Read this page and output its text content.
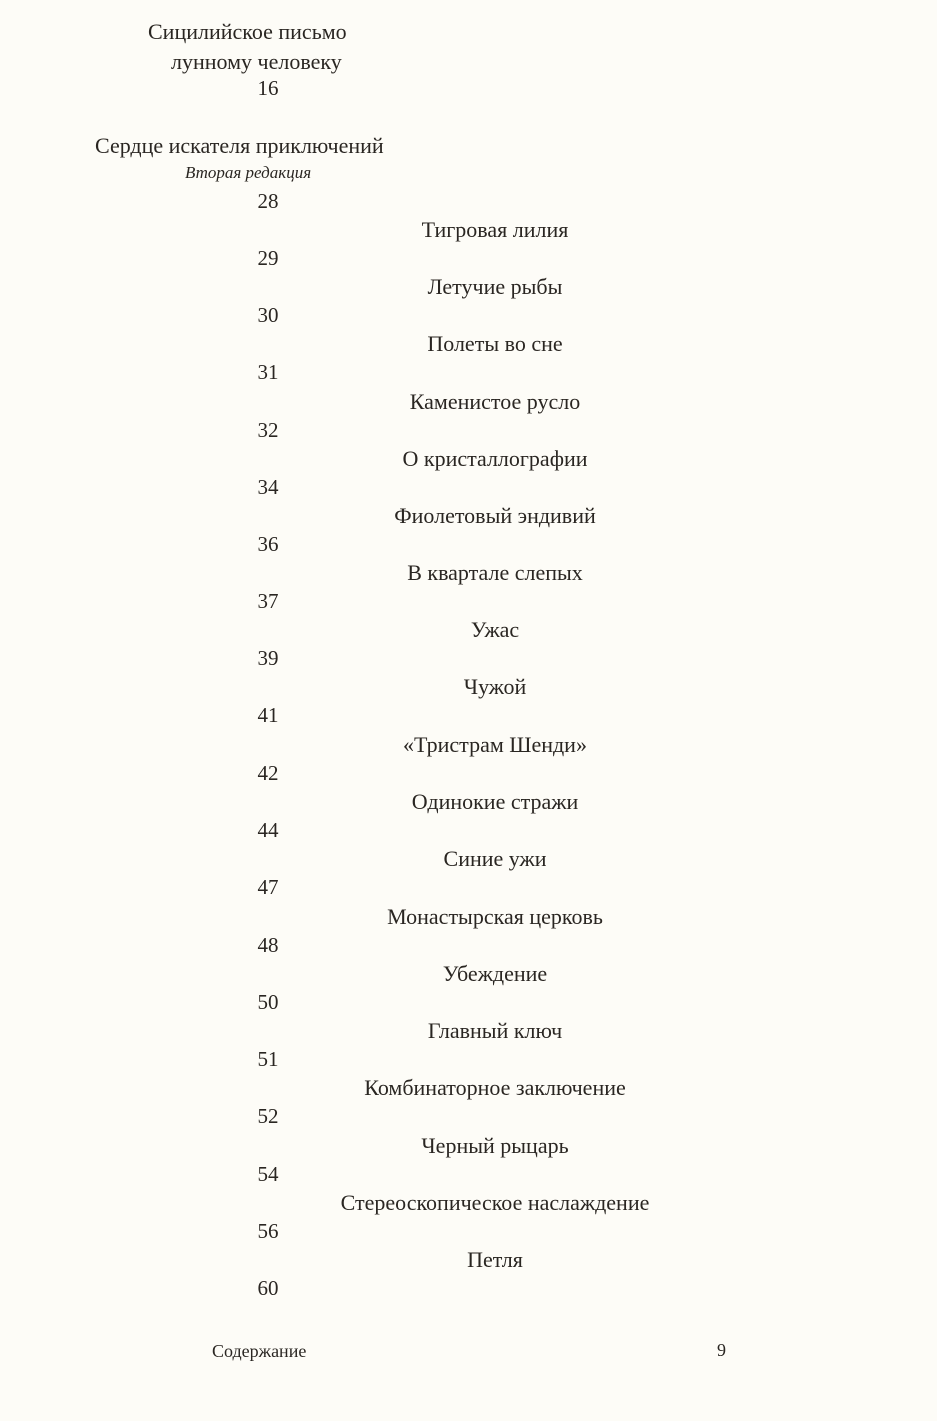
Сицилийское письмо
лунному человеку
16
Сердце искателя приключений
Вторая редакция
28
Тигровая лилия
29
Летучие рыбы
30
Полеты во сне
31
Каменистое русло
32
О кристаллографии
34
Фиолетовый эндивий
36
В квартале слепых
37
Ужас
39
Чужой
41
«Тристрам Шенди»
42
Одинокие стражи
44
Синие ужи
47
Монастырская церковь
48
Убеждение
50
Главный ключ
51
Комбинаторное заключение
52
Черный рыцарь
54
Стереоскопическое наслаждение
56
Петля
60
Содержание	9
